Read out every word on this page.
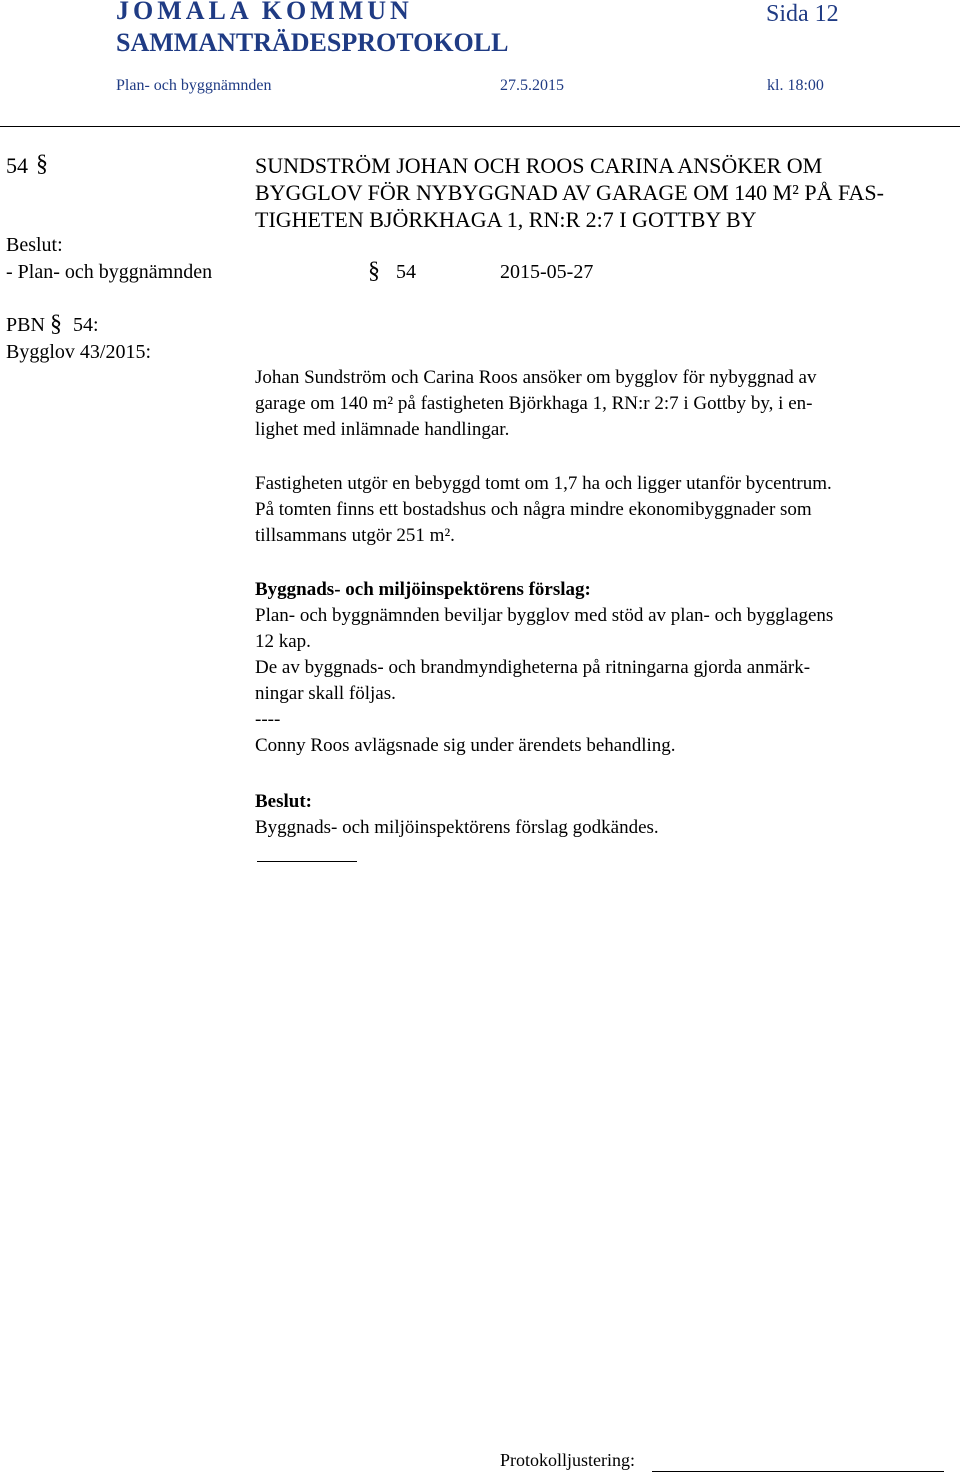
JOMALA KOMMUN	Sida 12
SAMMANTRÄDESPROTOKOLL
Plan- och byggnämnden	27.5.2015	kl. 18:00
54 §	SUNDSTRÖM JOHAN OCH ROOS CARINA ANSÖKER OM
BYGGLOV FÖR NYBYGGNAD AV GARAGE OM 140 M² PÅ FAS-
TIGHETEN BJÖRKHAGA 1, RN:R 2:7 I GOTTBY BY
Beslut:
- Plan- och byggnämnden	§ 54	2015-05-27
PBN § 54:
Bygglov 43/2015:
Johan Sundström och Carina Roos ansöker om bygglov för nybyggnad av
garage om 140 m² på fastigheten Björkhaga 1, RN:r 2:7 i Gottby by, i en-
lighet med inlämnade handlingar.
Fastigheten utgör en bebyggd tomt om 1,7 ha och ligger utanför bycentrum.
På tomten finns ett bostadshus och några mindre ekonomibyggnader som
tillsammans utgör 251 m².
Byggnads- och miljöinspektörens förslag:
Plan- och byggnämnden beviljar bygglov med stöd av plan- och bygglagens
12 kap.
De av byggnads- och brandmyndigheterna på ritningarna gjorda anmärk-
ningar skall följas.
----
Conny Roos avlägsnade sig under ärendets behandling.
Beslut:
Byggnads- och miljöinspektörens förslag godkändes.
Protokolljustering:
